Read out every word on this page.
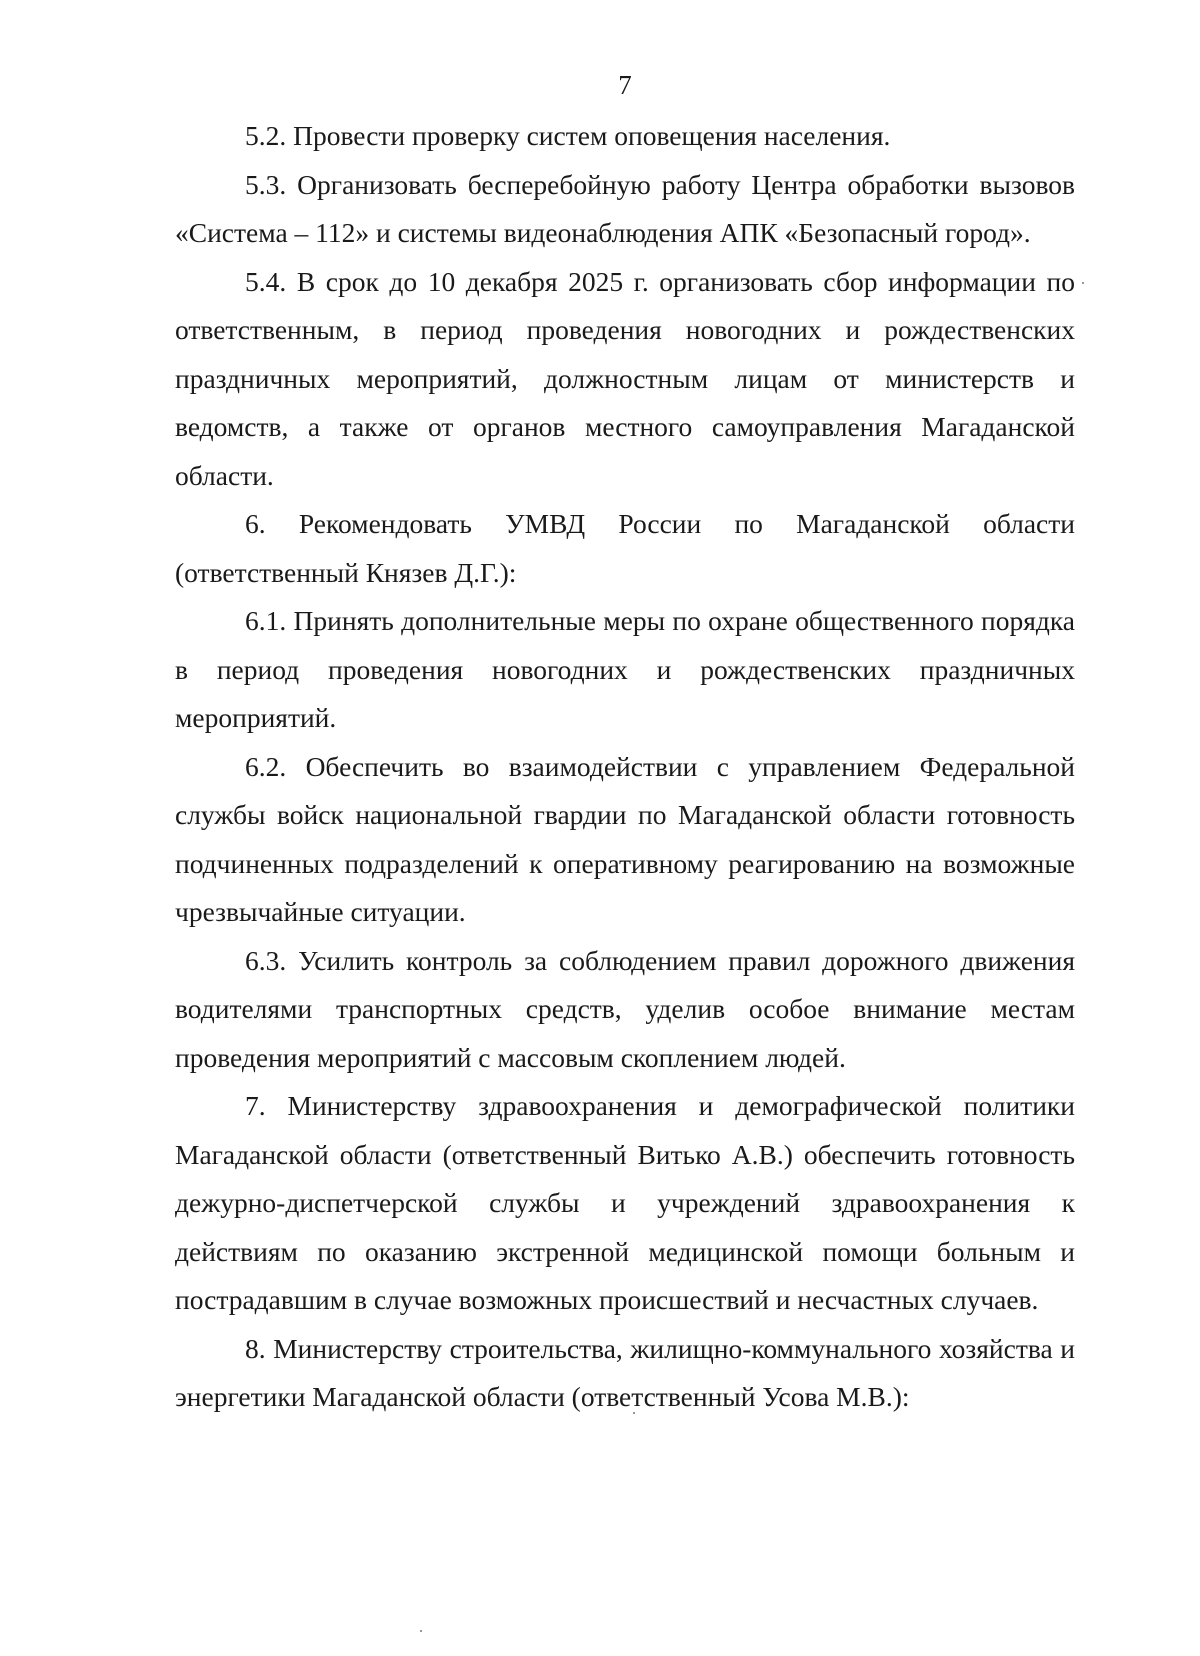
7

5.2. Провести проверку систем оповещения населения.

5.3. Организовать бесперебойную работу Центра обработки вызовов «Система – 112» и системы видеонаблюдения АПК «Безопасный город».

5.4. В срок до 10 декабря 2025 г. организовать сбор информации по ответственным, в период проведения новогодних и рождественских праздничных мероприятий, должностным лицам от министерств и ведомств, а также от органов местного самоуправления Магаданской области.

6. Рекомендовать УМВД России по Магаданской области (ответственный Князев Д.Г.):

6.1. Принять дополнительные меры по охране общественного порядка в период проведения новогодних и рождественских праздничных мероприятий.

6.2. Обеспечить во взаимодействии с управлением Федеральной службы войск национальной гвардии по Магаданской области готовность подчиненных подразделений к оперативному реагированию на возможные чрезвычайные ситуации.

6.3. Усилить контроль за соблюдением правил дорожного движения водителями транспортных средств, уделив особое внимание местам проведения мероприятий с массовым скоплением людей.

7. Министерству здравоохранения и демографической политики Магаданской области (ответственный Витько А.В.) обеспечить готовность дежурно-диспетчерской службы и учреждений здравоохранения к действиям по оказанию экстренной медицинской помощи больным и пострадавшим в случае возможных происшествий и несчастных случаев.

8. Министерству строительства, жилищно-коммунального хозяйства и энергетики Магаданской области (ответственный Усова М.В.):
